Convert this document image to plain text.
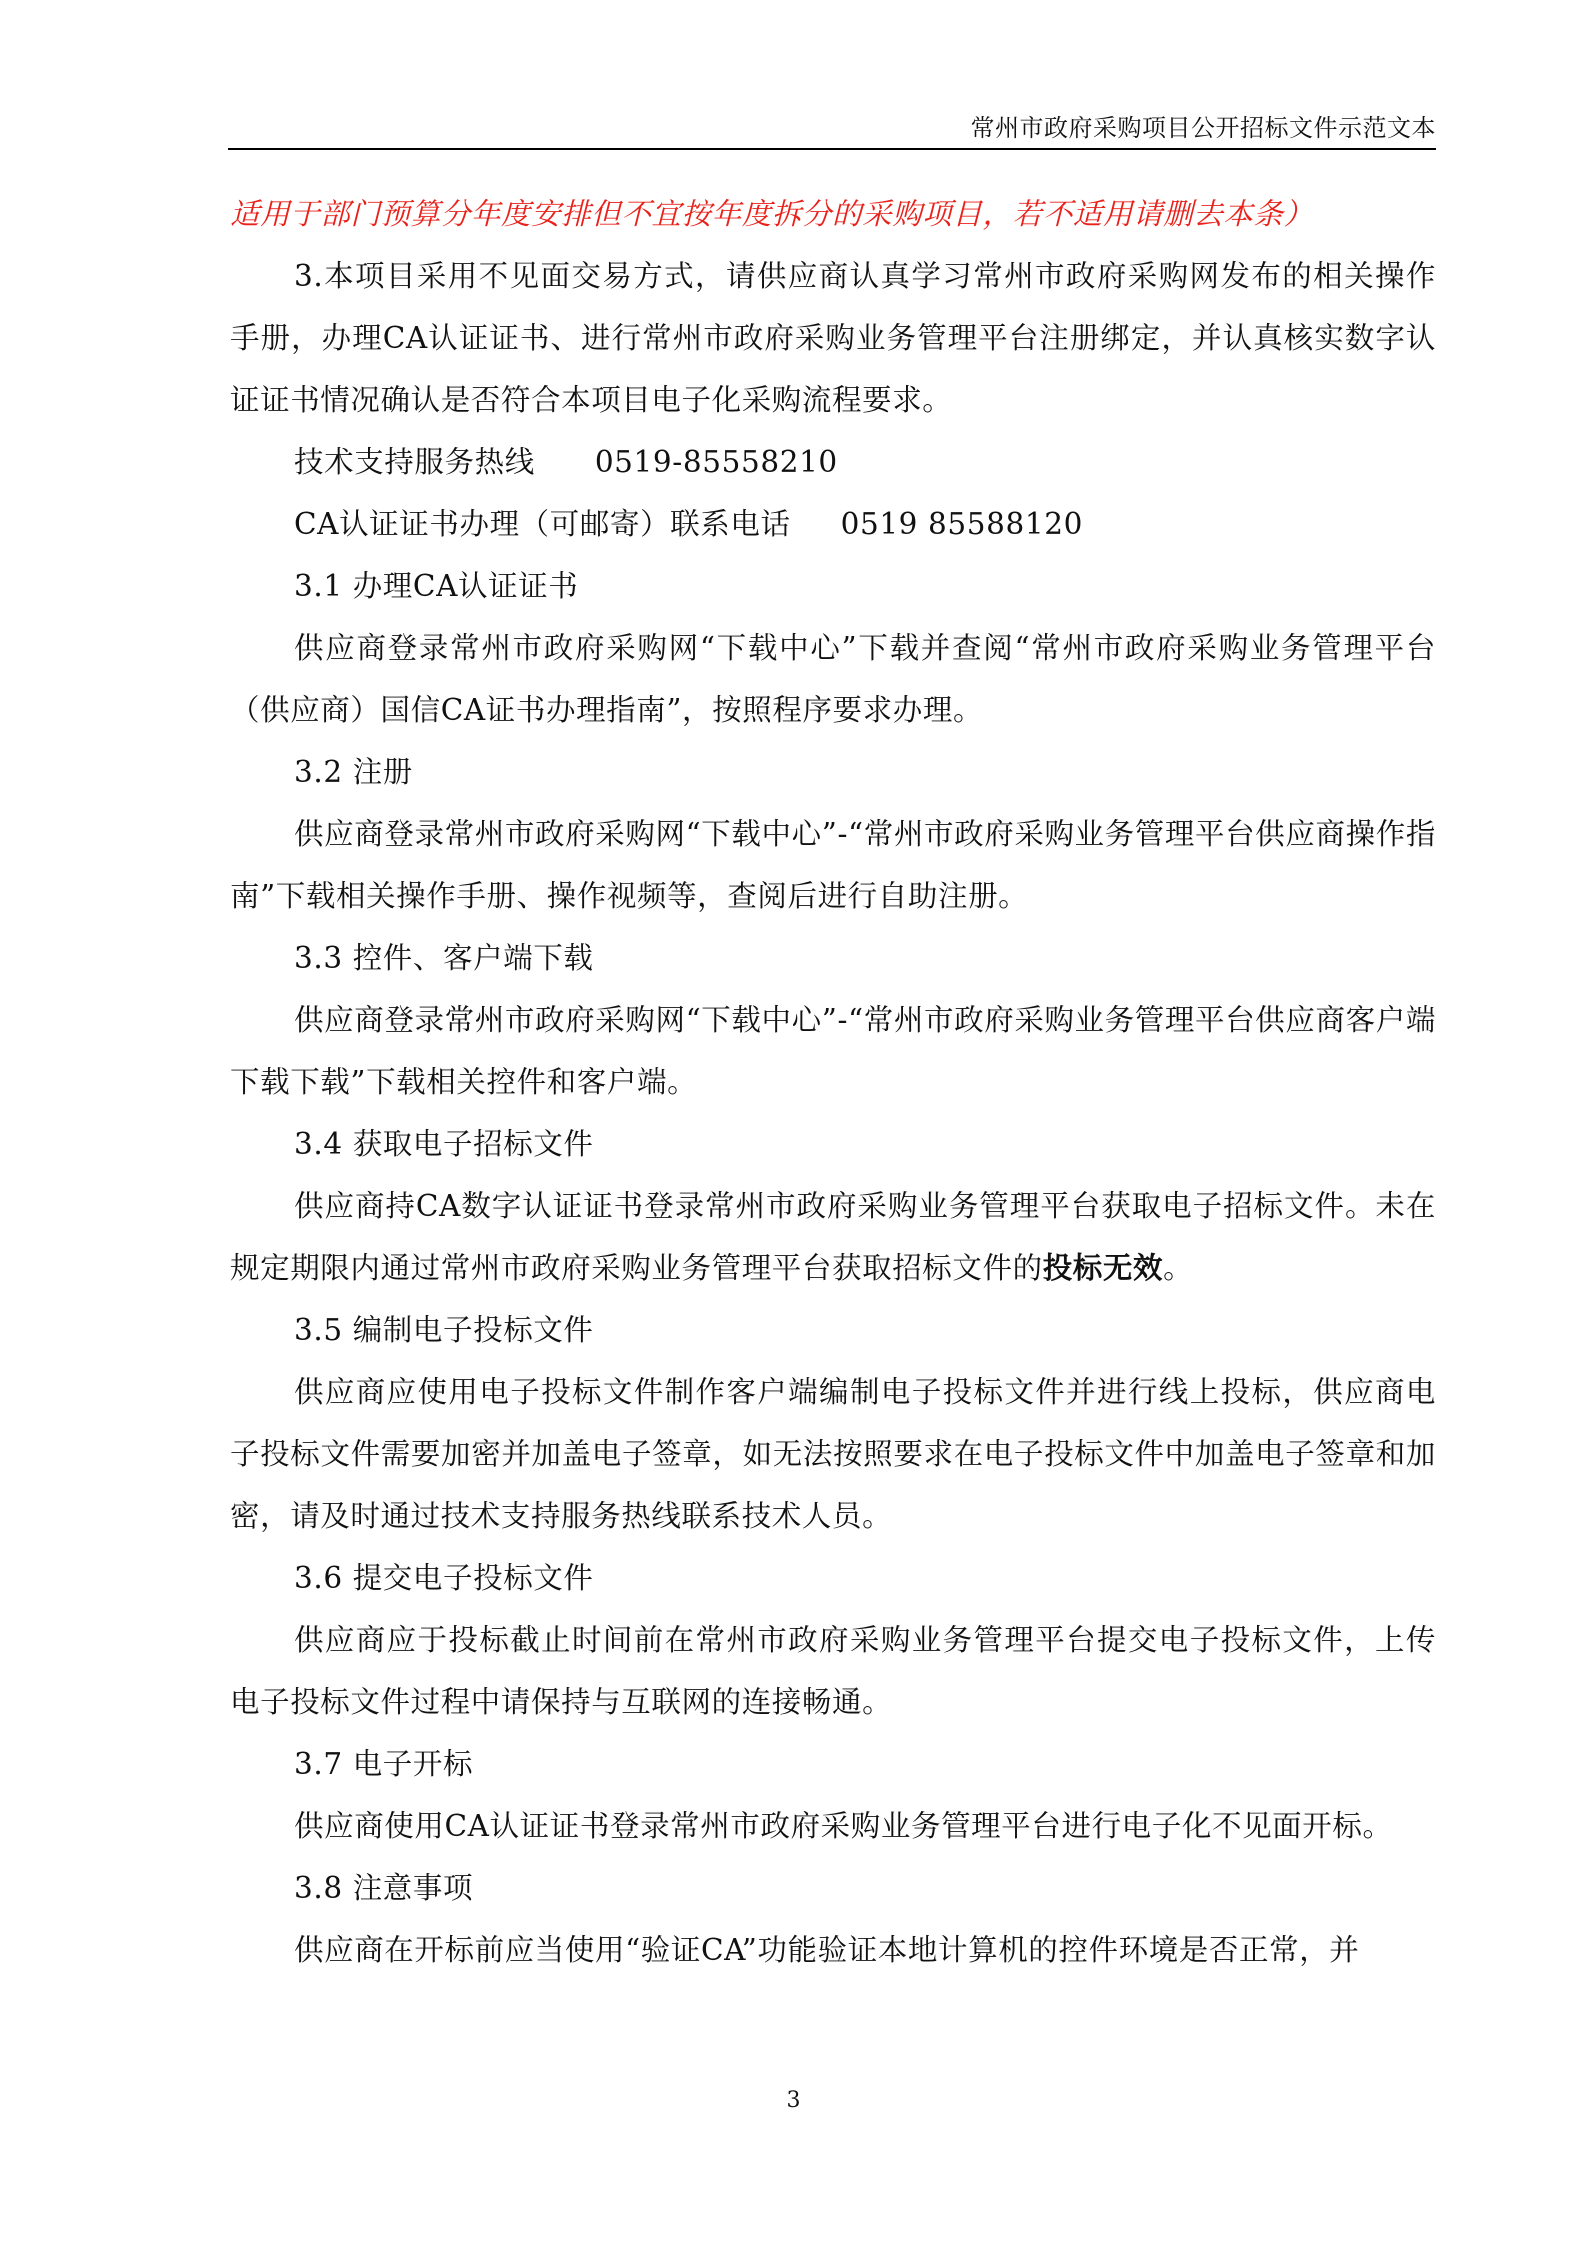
常州市政府采购项目公开招标文件示范文本

适用于部门预算分年度安排但不宜按年度拆分的采购项目，若不适用请删去本条）

3.本项目采用不见面交易方式，请供应商认真学习常州市政府采购网发布的相关操作手册，办理CA认证证书、进行常州市政府采购业务管理平台注册绑定，并认真核实数字认证证书情况确认是否符合本项目电子化采购流程要求。

技术支持服务热线 0519-85558210

CA认证证书办理（可邮寄）联系电话 0519 85588120

3.1 办理CA认证证书

供应商登录常州市政府采购网“下载中心”下载并查阅“常州市政府采购业务管理平台（供应商）国信CA证书办理指南”，按照程序要求办理。

3.2 注册

供应商登录常州市政府采购网“下载中心”-“常州市政府采购业务管理平台供应商操作指南”下载相关操作手册、操作视频等，查阅后进行自助注册。

3.3 控件、客户端下载

供应商登录常州市政府采购网“下载中心”-“常州市政府采购业务管理平台供应商客户端下载下载”下载相关控件和客户端。

3.4 获取电子招标文件

供应商持CA数字认证证书登录常州市政府采购业务管理平台获取电子招标文件。未在规定期限内通过常州市政府采购业务管理平台获取招标文件的投标无效。

3.5 编制电子投标文件

供应商应使用电子投标文件制作客户端编制电子投标文件并进行线上投标，供应商电子投标文件需要加密并加盖电子签章，如无法按照要求在电子投标文件中加盖电子签章和加密，请及时通过技术支持服务热线联系技术人员。

3.6 提交电子投标文件

供应商应于投标截止时间前在常州市政府采购业务管理平台提交电子投标文件，上传电子投标文件过程中请保持与互联网的连接畅通。

3.7 电子开标

供应商使用CA认证证书登录常州市政府采购业务管理平台进行电子化不见面开标。

3.8 注意事项

供应商在开标前应当使用“验证CA”功能验证本地计算机的控件环境是否正常，并

3
